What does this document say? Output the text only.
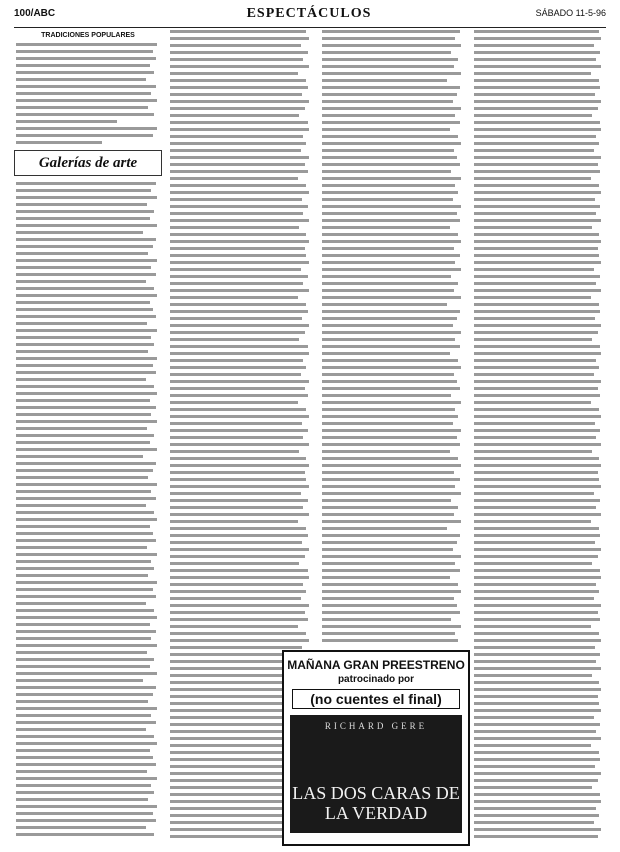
100/ABC	ESPECTÁCULOS	SÁBADO 11-5-96
TRADICIONES POPULARES
Galerías de arte
MAÑANA GRAN PREESTRENO
patrocinado por
(no cuentes el final)
RICHARD GERE
LAS DOS CARAS DE LA VERDAD
